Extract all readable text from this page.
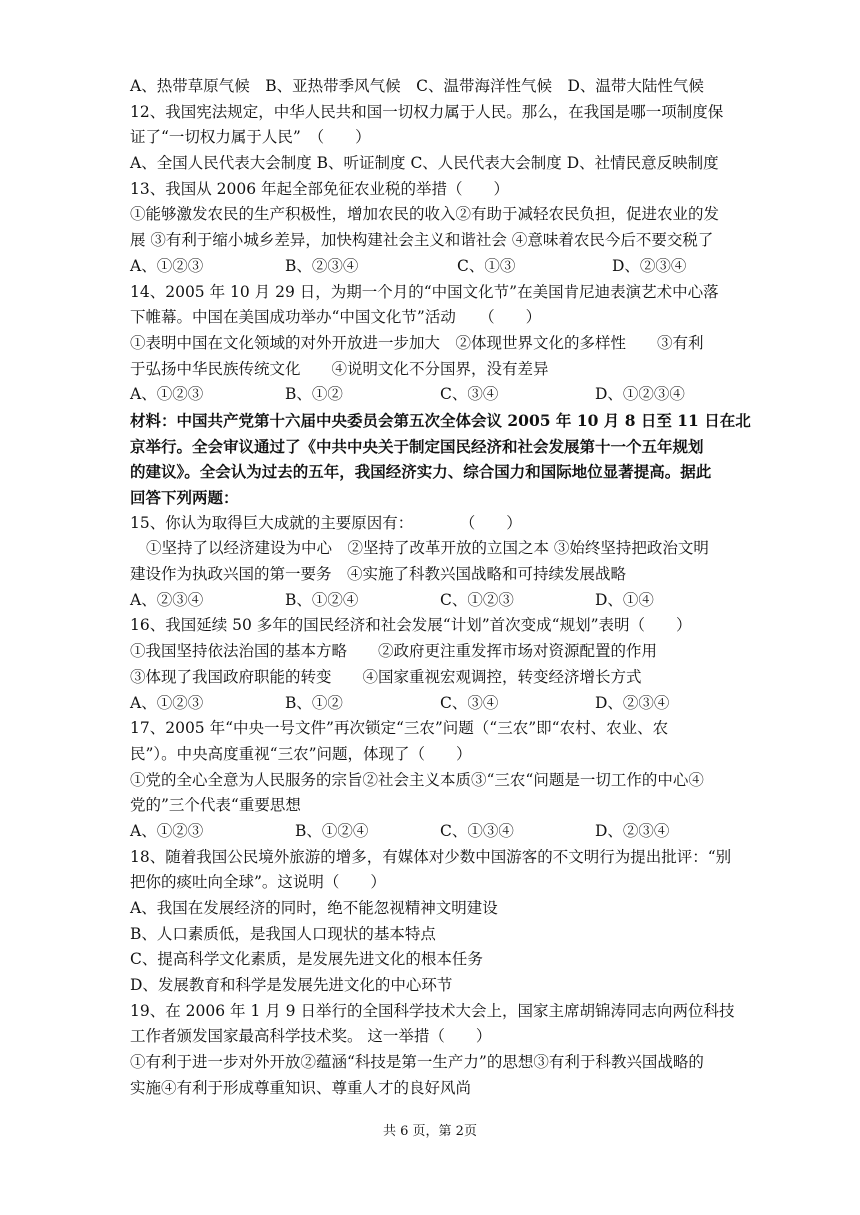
A、热带草原气候　B、亚热带季风气候　C、温带海洋性气候　D、温带大陆性气候
12、我国宪法规定，中华人民共和国一切权力属于人民。那么，在我国是哪一项制度保
证了“一切权力属于人民”　（　　）
A、全国人民代表大会制度 B、听证制度 C、人民代表大会制度 D、社情民意反映制度
13、我国从 2006 年起全部免征农业税的举措（　　）
①能够激发农民的生产积极性，增加农民的收入②有助于减轻农民负担，促进农业的发
展 ③有利于缩小城乡差异，加快构建社会主义和谐社会 ④意味着农民今后不要交税了
A、①②③	B、②③④	C、①③	D、②③④
14、2005 年 10 月 29 日，为期一个月的“中国文化节”在美国肯尼迪表演艺术中心落
下帷幕。中国在美国成功举办“中国文化节”活动　　（　　）
①表明中国在文化领域的对外开放进一步加大　②体现世界文化的多样性　　③有利
于弘扬中华民族传统文化　　④说明文化不分国界，没有差异
A、①②③	B、①②	C、③④	D、①②③④
材料：中国共产党第十六届中央委员会第五次全体会议 2005 年 10 月 8 日至 11 日在北
京举行。全会审议通过了《中共中央关于制定国民经济和社会发展第十一个五年规划
的建议》。全会认为过去的五年，我国经济实力、综合国力和国际地位显著提高。据此
回答下列两题：
15、你认为取得巨大成就的主要原因有：　　　　（　　）
①坚持了以经济建设为中心　②坚持了改革开放的立国之本 ③始终坚持把政治文明
建设作为执政兴国的第一要务　④实施了科教兴国战略和可持续发展战略
A、②③④	B、①②④	C、①②③	D、①④
16、我国延续 50 多年的国民经济和社会发展“计划”首次变成“规划”表明（　　）
①我国坚持依法治国的基本方略　　②政府更注重发挥市场对资源配置的作用
③体现了我国政府职能的转变　　④国家重视宏观调控，转变经济增长方式
A、①②③	B、①②	C、③④	D、②③④
17、2005 年“中央一号文件”再次锁定“三农”问题（“三农”即“农村、农业、农
民”）。中央高度重视“三农”问题，体现了（　　）
①党的全心全意为人民服务的宗旨②社会主义本质③“三农“问题是一切工作的中心④
党的”三个代表“重要思想
A、①②③	B、①②④	C、①③④	D、②③④
18、随着我国公民境外旅游的增多，有媒体对少数中国游客的不文明行为提出批评：“别
把你的痰吐向全球”。这说明（　　）
A、我国在发展经济的同时，绝不能忽视精神文明建设
B、人口素质低，是我国人口现状的基本特点
C、提高科学文化素质，是发展先进文化的根本任务
D、发展教育和科学是发展先进文化的中心环节
19、在 2006 年 1 月 9 日举行的全国科学技术大会上，国家主席胡锦涛同志向两位科技
工作者颁发国家最高科学技术奖。 这一举措（　　）
①有利于进一步对外开放②蕴涵“科技是第一生产力”的思想③有利于科教兴国战略的
实施④有利于形成尊重知识、尊重人才的良好风尚
共 6 页，第 2页
